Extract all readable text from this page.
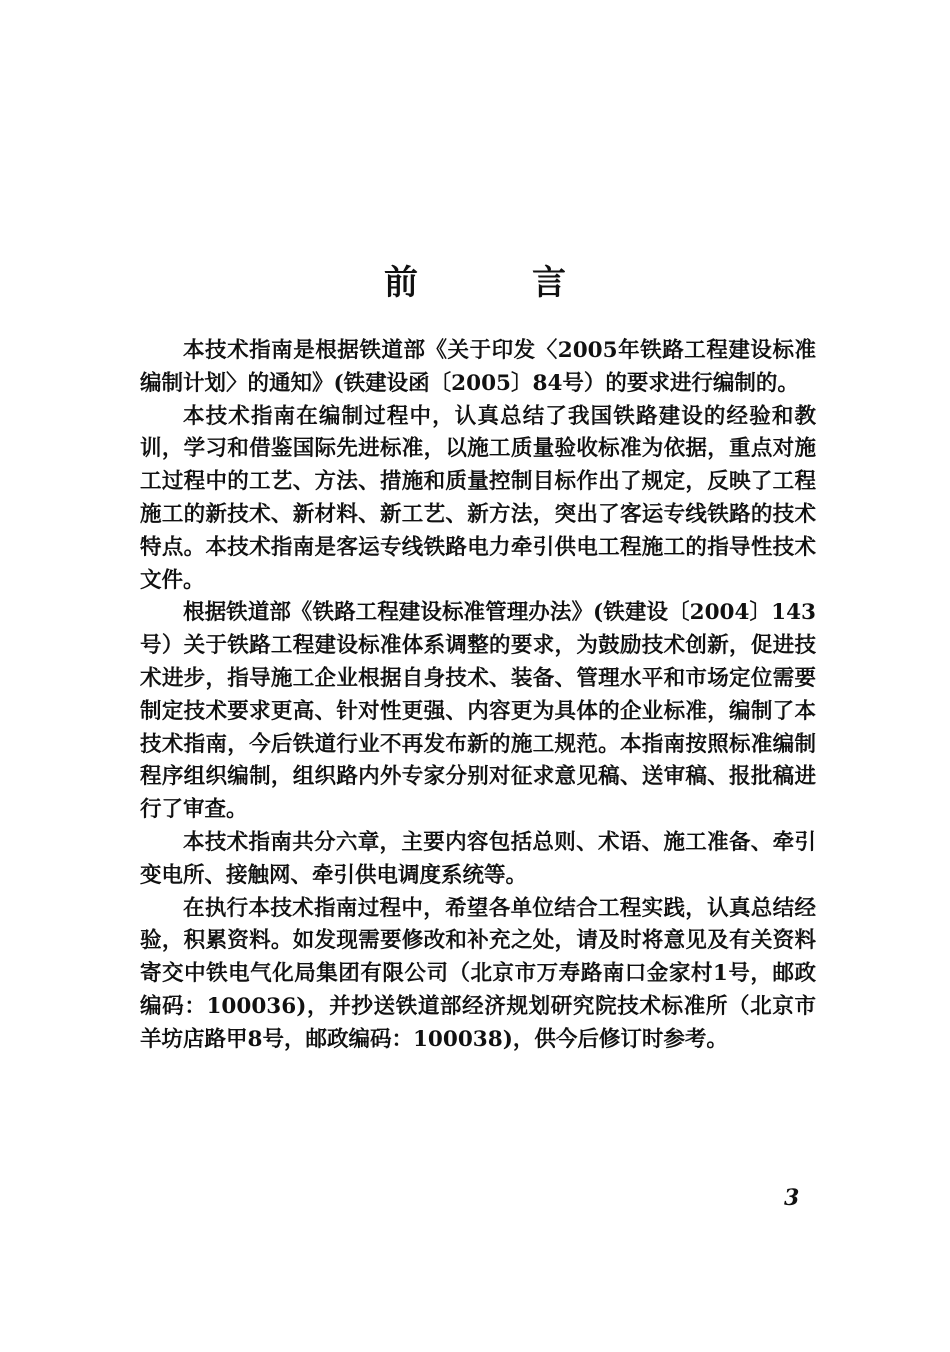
前　言

本技术指南是根据铁道部《关于印发〈2005年铁路工程建设标准编制计划〉的通知》(铁建设函〔2005〕84号）的要求进行编制的。

本技术指南在编制过程中，认真总结了我国铁路建设的经验和教训，学习和借鉴国际先进标准，以施工质量验收标准为依据，重点对施工过程中的工艺、方法、措施和质量控制目标作出了规定，反映了工程施工的新技术、新材料、新工艺、新方法，突出了客运专线铁路的技术特点。本技术指南是客运专线铁路电力牵引供电工程施工的指导性技术文件。

根据铁道部《铁路工程建设标准管理办法》(铁建设〔2004〕143号）关于铁路工程建设标准体系调整的要求，为鼓励技术创新，促进技术进步，指导施工企业根据自身技术、装备、管理水平和市场定位需要制定技术要求更高、针对性更强、内容更为具体的企业标准，编制了本技术指南，今后铁道行业不再发布新的施工规范。本指南按照标准编制程序组织编制，组织路内外专家分别对征求意见稿、送审稿、报批稿进行了审查。

本技术指南共分六章，主要内容包括总则、术语、施工准备、牵引变电所、接触网、牵引供电调度系统等。

在执行本技术指南过程中，希望各单位结合工程实践，认真总结经验，积累资料。如发现需要修改和补充之处，请及时将意见及有关资料寄交中铁电气化局集团有限公司（北京市万寿路南口金家村1号，邮政编码：100036)，并抄送铁道部经济规划研究院技术标准所（北京市羊坊店路甲8号，邮政编码：100038)，供今后修订时参考。

3
